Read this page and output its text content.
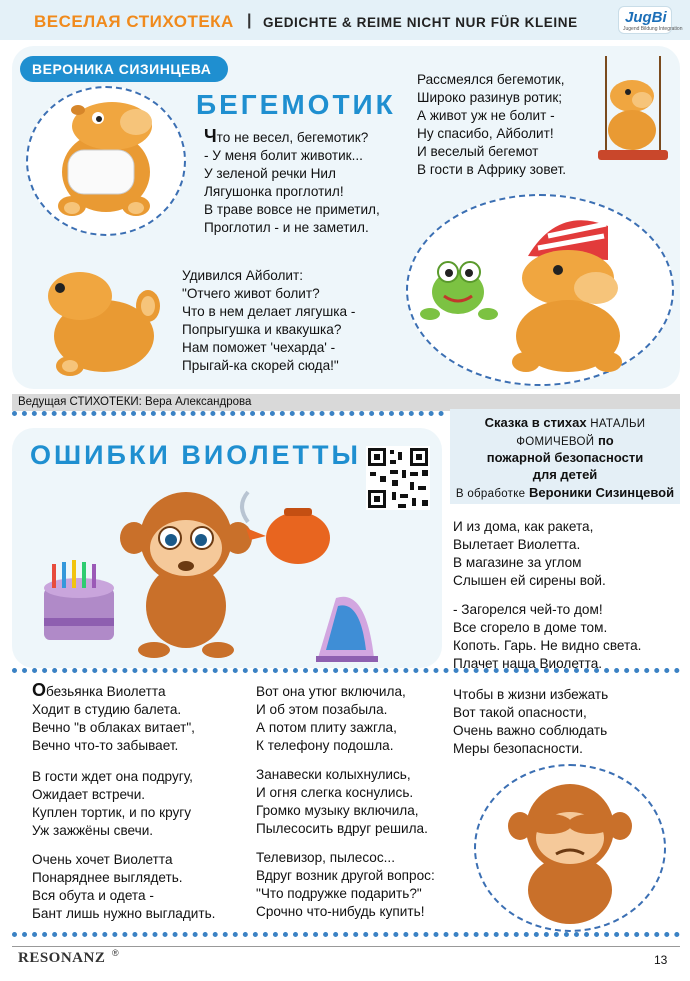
ВЕСЕЛАЯ СТИХОТЕКА | GEDICHTE & REIME NICHT NUR FÜR KLEINE	JugBi
Jugend Bildung Integration
ВЕРОНИКА СИЗИНЦЕВА
БЕГЕМОТИК
Что не весел, бегемотик?
- У меня болит животик...
У зеленой речки Нил
Лягушонка проглотил!
В траве вовсе не приметил,
Проглотил - и не заметил.
Удивился Айболит:
"Отчего живот болит?
Что в нем делает лягушка -
Попрыгушка и квакушка?
Нам поможет 'чехарда' -
Прыгай-ка скорей сюда!"
Рассмеялся бегемотик,
Широко разинув ротик;
А живот уж не болит -
Ну спасибо, Айболит!
И веселый бегемот
В гости в Африку зовет.
Ведущая СТИХОТЕКИ: Вера Александрова
Сказка в стихах НАТАЛЬИ
ФОМИЧЕВОЙ по
пожарной безопасности
для детей
В обработке Вероники Сизинцевой
ОШИБКИ ВИОЛЕТТЫ
Обезьянка Виолетта
Ходит в студию балета.
Вечно "в облаках витает",
Вечно что-то забывает.
В гости ждет она подругу,
Ожидает встречи.
Куплен тортик, и по кругу
Уж зажжёны свечи.
Очень хочет Виолетта
Понаряднее выглядеть.
Вся обута и одета -
Бант лишь нужно выгладить.
Вот она утюг включила,
И об этом позабыла.
А потом плиту зажгла,
К телефону подошла.
Занавески колыхнулись,
И огня слегка коснулись.
Громко музыку включила,
Пылесосить вдруг решила.
Телевизор, пылесос...
Вдруг возник другой вопрос:
"Что подружке подарить?"
Срочно что-нибудь купить!
И из дома, как ракета,
Вылетает Виолетта.
В магазине за углом
Слышен ей сирены вой.
- Загорелся чей-то дом!
Все сгорело в доме том.
Копоть. Гарь. Не видно света.
Плачет наша Виолетта.
Чтобы в жизни избежать
Вот такой опасности,
Очень важно соблюдать
Меры безопасности.
RESONANZ ®	13
